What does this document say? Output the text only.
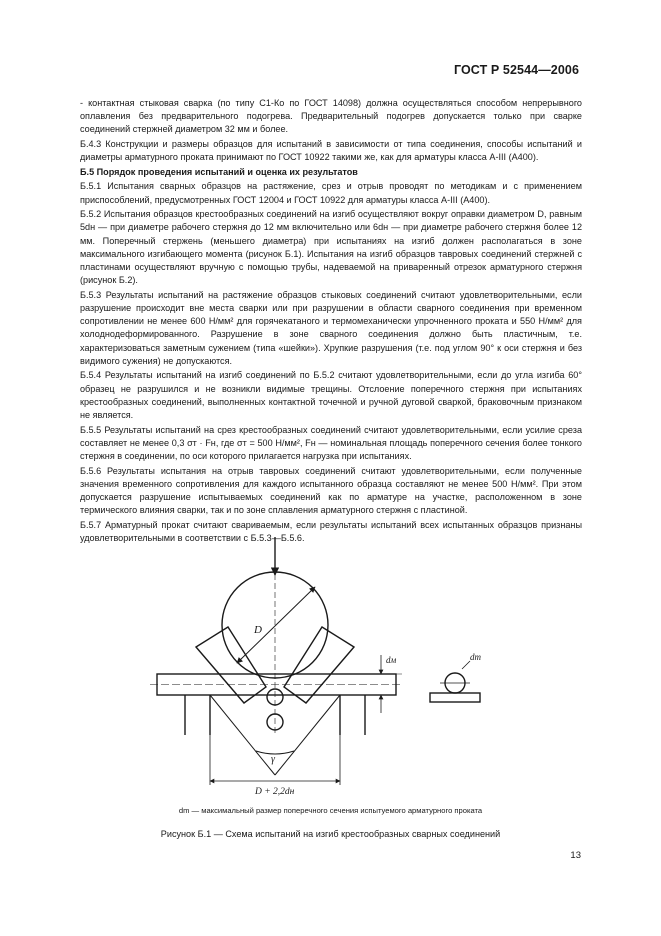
ГОСТ Р 52544—2006

- контактная стыковая сварка (по типу С1-Ко по ГОСТ 14098) должна осуществляться способом непрерывного оплавления без предварительного подогрева. Предварительный подогрев допускается только при сварке соединений стержней диаметром 32 мм и более.

Б.4.3 Конструкции и размеры образцов для испытаний в зависимости от типа соединения, способы испытаний и диаметры арматурного проката принимают по ГОСТ 10922 такими же, как для арматуры класса А-III (А400).

Б.5 Порядок проведения испытаний и оценка их результатов

Б.5.1 Испытания сварных образцов на растяжение, срез и отрыв проводят по методикам и с применением приспособлений, предусмотренных ГОСТ 12004 и ГОСТ 10922 для арматуры класса А-III (А400).

Б.5.2 Испытания образцов крестообразных соединений на изгиб осуществляют вокруг оправки диаметром D, равным 5dн — при диаметре рабочего стержня до 12 мм включительно или 6dн — при диаметре рабочего стержня более 12 мм. Поперечный стержень (меньшего диаметра) при испытаниях на изгиб должен располагаться в зоне максимального изгибающего момента (рисунок Б.1). Испытания на изгиб образцов тавровых соединений стержней с пластинами осуществляют вручную с помощью трубы, надеваемой на приваренный отрезок арматурного стержня (рисунок Б.2).

Б.5.3 Результаты испытаний на растяжение образцов стыковых соединений считают удовлетворительными, если разрушение происходит вне места сварки или при разрушении в области сварного соединения при временном сопротивлении не менее 600 Н/мм² для горячекатаного и термомеханически упрочненного проката и 550 Н/мм² для холоднодеформированного. Разрушение в зоне сварного соединения должно быть пластичным, т.е. характеризоваться заметным сужением (типа «шейки»). Хрупкие разрушения (т.е. под углом 90° к оси стержня и без видимого сужения) не допускаются.

Б.5.4 Результаты испытаний на изгиб соединений по Б.5.2 считают удовлетворительными, если до угла изгиба 60° образец не разрушился и не возникли видимые трещины. Отслоение поперечного стержня при испытаниях крестообразных соединений, выполненных контактной точечной и ручной дуговой сваркой, браковочным признаком не является.

Б.5.5 Результаты испытаний на срез крестообразных соединений считают удовлетворительными, если усилие среза составляет не менее 0,3 σт · Fн, где σт = 500 Н/мм², Fн — номинальная площадь поперечного сечения более тонкого стержня в соединении, по оси которого прилагается нагрузка при испытаниях.

Б.5.6 Результаты испытания на отрыв тавровых соединений считают удовлетворительными, если полученные значения временного сопротивления для каждого испытанного образца составляют не менее 500 Н/мм². При этом допускается разрушение испытываемых соединений как по арматуре на участке, расположенном в зоне термического влияния сварки, так и по зоне сплавления арматурного стержня с пластиной.

Б.5.7 Арматурный прокат считают свариваемым, если результаты испытаний всех испытанных образцов признаны удовлетворительными в соответствии с Б.5.3—Б.5.6.

D
dм	dm
γ
D + 2,2dн
dm — максимальный размер поперечного сечения испытуемого арматурного проката
Рисунок Б.1 — Схема испытаний на изгиб крестообразных сварных соединений
13
